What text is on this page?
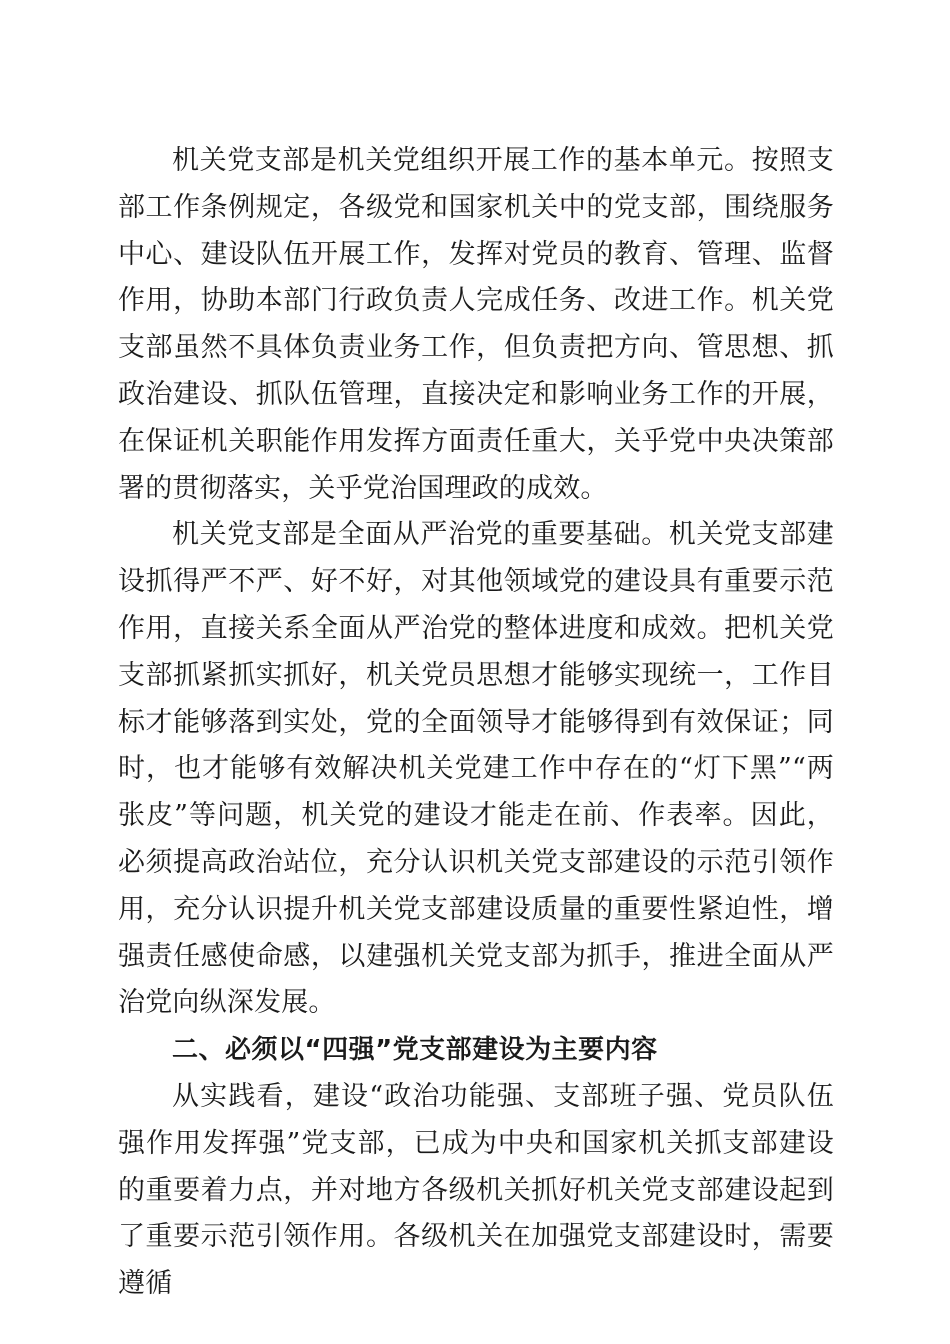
机关党支部是机关党组织开展工作的基本单元。按照支部工作条例规定，各级党和国家机关中的党支部，围绕服务中心、建设队伍开展工作，发挥对党员的教育、管理、监督作用，协助本部门行政负责人完成任务、改进工作。机关党支部虽然不具体负责业务工作，但负责把方向、管思想、抓政治建设、抓队伍管理，直接决定和影响业务工作的开展，在保证机关职能作用发挥方面责任重大，关乎党中央决策部署的贯彻落实，关乎党治国理政的成效。

机关党支部是全面从严治党的重要基础。机关党支部建设抓得严不严、好不好，对其他领域党的建设具有重要示范作用，直接关系全面从严治党的整体进度和成效。把机关党支部抓紧抓实抓好，机关党员思想才能够实现统一，工作目标才能够落到实处，党的全面领导才能够得到有效保证；同时，也才能够有效解决机关党建工作中存在的“灯下黑”“两张皮”等问题，机关党的建设才能走在前、作表率。因此，必须提高政治站位，充分认识机关党支部建设的示范引领作用，充分认识提升机关党支部建设质量的重要性紧迫性，增强责任感使命感，以建强机关党支部为抓手，推进全面从严治党向纵深发展。

二、必须以“四强”党支部建设为主要内容

从实践看，建设“政治功能强、支部班子强、党员队伍强作用发挥强”党支部，已成为中央和国家机关抓支部建设的重要着力点，并对地方各级机关抓好机关党支部建设起到了重要示范引领作用。各级机关在加强党支部建设时，需要遵循
